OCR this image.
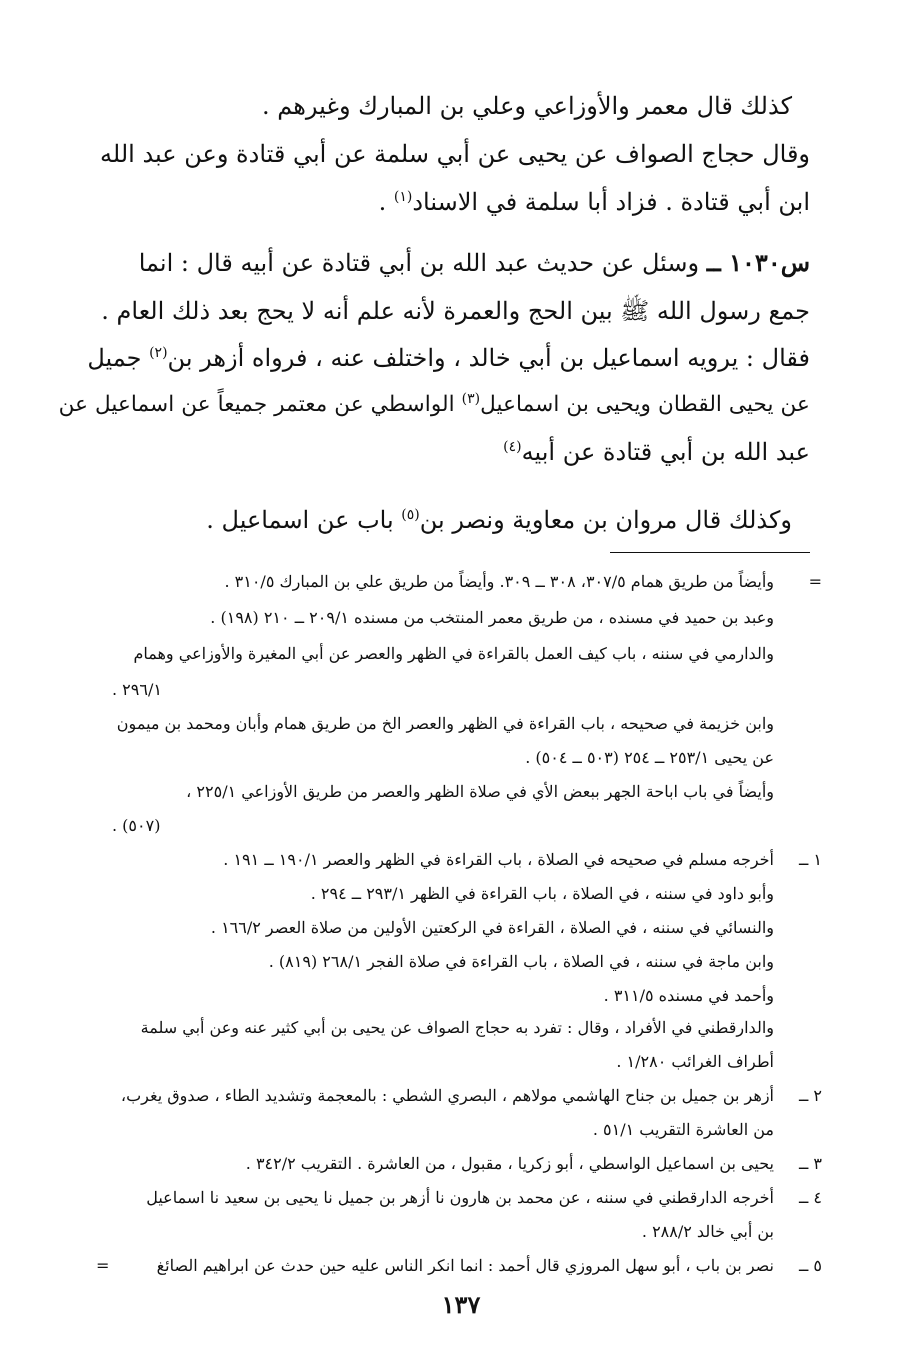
كذلك قال معمر والأوزاعي وعلي بن المبارك وغيرهم .
وقال حجاج الصواف عن يحيى عن أبي سلمة عن أبي قتادة وعن عبد الله
ابن أبي قتادة . فزاد أبا سلمة في الاسناد$^{(١)}$ .
س١٠٣٠ ــ وسئل عن حديث عبد الله بن أبي قتادة عن أبيه قال : انما
جمع رسول الله ﷺ بين الحج والعمرة لأنه علم أنه لا يحج بعد ذلك العام .
فقال : يرويه اسماعيل بن أبي خالد ، واختلف عنه ، فرواه أزهر بن$^{(٢)}$ جميل
عن يحيى القطان ويحيى بن اسماعيل$^{(٣)}$ الواسطي عن معتمر جميعاً عن اسماعيل عن
عبد الله بن أبي قتادة عن أبيه$^{(٤)}$
وكذلك قال مروان بن معاوية ونصر بن$^{(٥)}$ باب عن اسماعيل .
=
وأيضاً من طريق همام ٣٠٧/٥، ٣٠٨ ــ ٣٠٩. وأيضاً من طريق علي بن المبارك ٣١٠/٥ .
وعبد بن حميد في مسنده ، من طريق معمر المنتخب من مسنده ٢٠٩/١ ــ ٢١٠ (١٩٨) .
والدارمي في سننه ، باب كيف العمل بالقراءة في الظهر والعصر عن أبي المغيرة والأوزاعي وهمام
٢٩٦/١ .
وابن خزيمة في صحيحه ، باب القراءة في الظهر والعصر الخ من طريق همام وأبان ومحمد بن ميمون
عن يحيى ٢٥٣/١ ــ ٢٥٤ (٥٠٣ ــ ٥٠٤) .
وأيضاً في باب اباحة الجهر ببعض الأي في صلاة الظهر والعصر من طريق الأوزاعي ٢٢٥/١ ،
(٥٠٧) .
١ ــ
أخرجه مسلم في صحيحه في الصلاة ، باب القراءة في الظهر والعصر ١٩٠/١ ــ ١٩١ .
وأبو داود في سننه ، في الصلاة ، باب القراءة في الظهر ٢٩٣/١ ــ ٢٩٤ .
والنسائي في سننه ، في الصلاة ، القراءة في الركعتين الأولين من صلاة العصر ١٦٦/٢ .
وابن ماجة في سننه ، في الصلاة ، باب القراءة في صلاة الفجر ٢٦٨/١ (٨١٩) .
وأحمد في مسنده ٣١١/٥ .
والدارقطني في الأفراد ، وقال : تفرد به حجاج الصواف عن يحيى بن أبي كثير عنه وعن أبي سلمة
أطراف الغرائب ١/٢٨٠ .
٢ ــ
أزهر بن جميل بن جناح الهاشمي مولاهم ، البصري الشطي : بالمعجمة وتشديد الطاء ، صدوق يغرب،
من العاشرة التقريب ٥١/١ .
٣ ــ
يحيى بن اسماعيل الواسطي ، أبو زكريا ، مقبول ، من العاشرة . التقريب ٣٤٢/٢ .
٤ ــ
أخرجه الدارقطني في سننه ، عن محمد بن هارون نا أزهر بن جميل نا يحيى بن سعيد نا اسماعيل
بن أبي خالد ٢٨٨/٢ .
٥ ــ
نصر بن باب ، أبو سهل المروزي قال أحمد : انما انكر الناس عليه حين حدث عن ابراهيم الصائغ
=
١٣٧
